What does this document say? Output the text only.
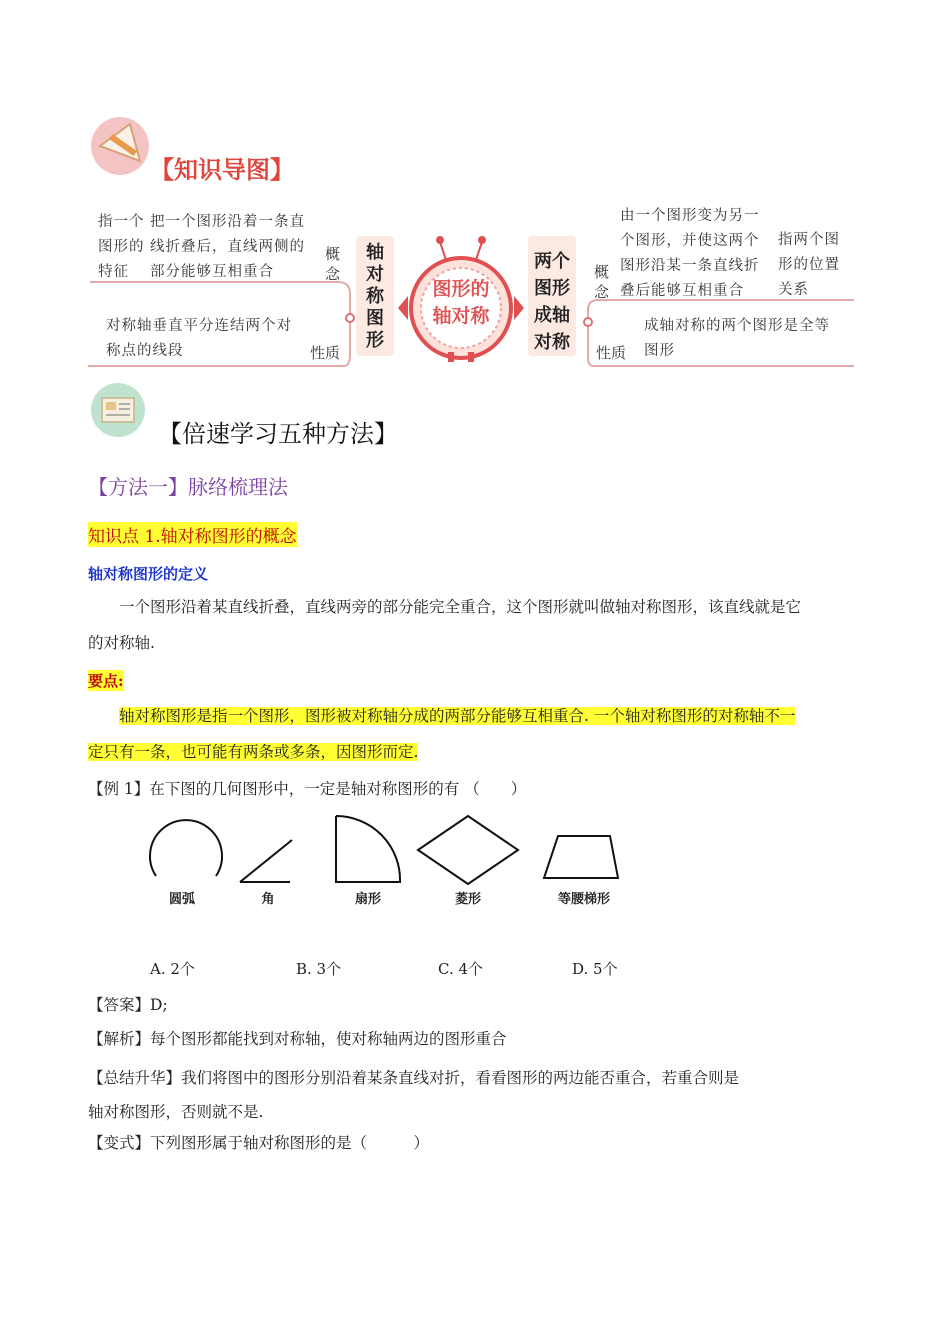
【知识导图】
指一个
图形的
特征
把一个图形沿着一条直
线折叠后，直线两侧的
部分能够互相重合
概
念
对称轴垂直平分连结两个对
称点的线段	性质
轴
对
称
图
形
图形的
轴对称
两个
图形
成轴
对称
概
念
由一个图形变为另一
个图形，并使这两个
图形沿某一条直线折
叠后能够互相重合
指两个图
形的位置
关系
性质
成轴对称的两个图形是全等
图形
【倍速学习五种方法】
【方法一】脉络梳理法
知识点 1.轴对称图形的概念
轴对称图形的定义
一个图形沿着某直线折叠，直线两旁的部分能完全重合，这个图形就叫做轴对称图形，该直线就是它
的对称轴.
要点:
轴对称图形是指一个图形，图形被对称轴分成的两部分能够互相重合. 一个轴对称图形的对称轴不一
定只有一条，也可能有两条或多条，因图形而定.
【例 1】在下图的几何图形中，一定是轴对称图形的有 （　　）
圆弧	角	扇形	菱形	等腰梯形
A. 2个	B. 3个	C. 4个	D. 5个
【答案】D;
【解析】每个图形都能找到对称轴，使对称轴两边的图形重合
【总结升华】我们将图中的图形分别沿着某条直线对折，看看图形的两边能否重合，若重合则是
轴对称图形，否则就不是.
【变式】下列图形属于轴对称图形的是（　　　）
